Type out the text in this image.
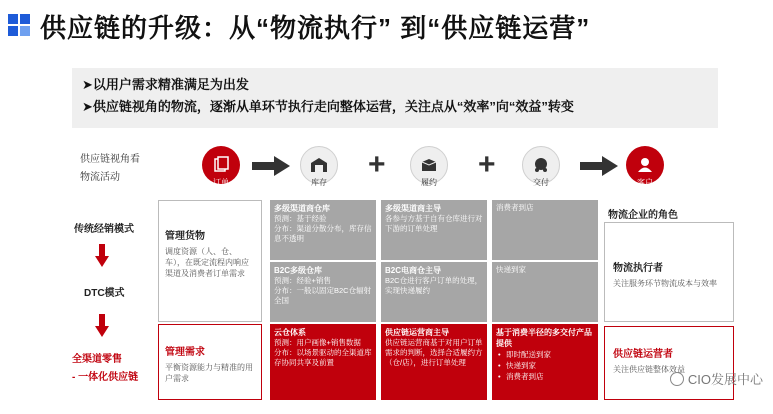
供应链的升级：从“物流执行” 到“供应链运营”
➤以用户需求精准满足为出发
➤供应链视角的物流，逐渐从单环节执行走向整体运营，关注点从“效率”向“效益”转变
供应链视角看
物流活动
传统经销模式
DTC模式
全渠道零售
- 一体化供应链
订单	库存
+
履约
+
交付	客户
管理货物
调度资源（人、仓、车），在既定流程内响应渠道及消费者订单需求
管理需求
平衡资源能力与精准的用户需求
多级渠道商仓库
预测：基于经验
分布：渠道分散分布，库存信息不透明
B2C多级仓库
预测：经验+销售
分布：一般以固定B2C仓辐射全国
云仓体系
预测：用户画像+销售数据
分布：以场景驱动的全渠道库存协同共享及前置
多级渠道商主导
各参与方基于自有仓库进行对下游的订单处理
B2C电商仓主导
B2C仓进行客户订单的处理，实现快递履约
供应链运营商主导
供应链运营商基于对用户订单需求的判断，选择合适履约方（仓/店），进行订单处理
消费者到店
快递到家
基于消费半径的多交付产品提供
• 即时配送到家
• 快递到家
• 消费者到店
物流企业的角色
物流执行者
关注服务环节物流成本与效率
供应链运营者
关注供应链整体效益
CIO发展中心
